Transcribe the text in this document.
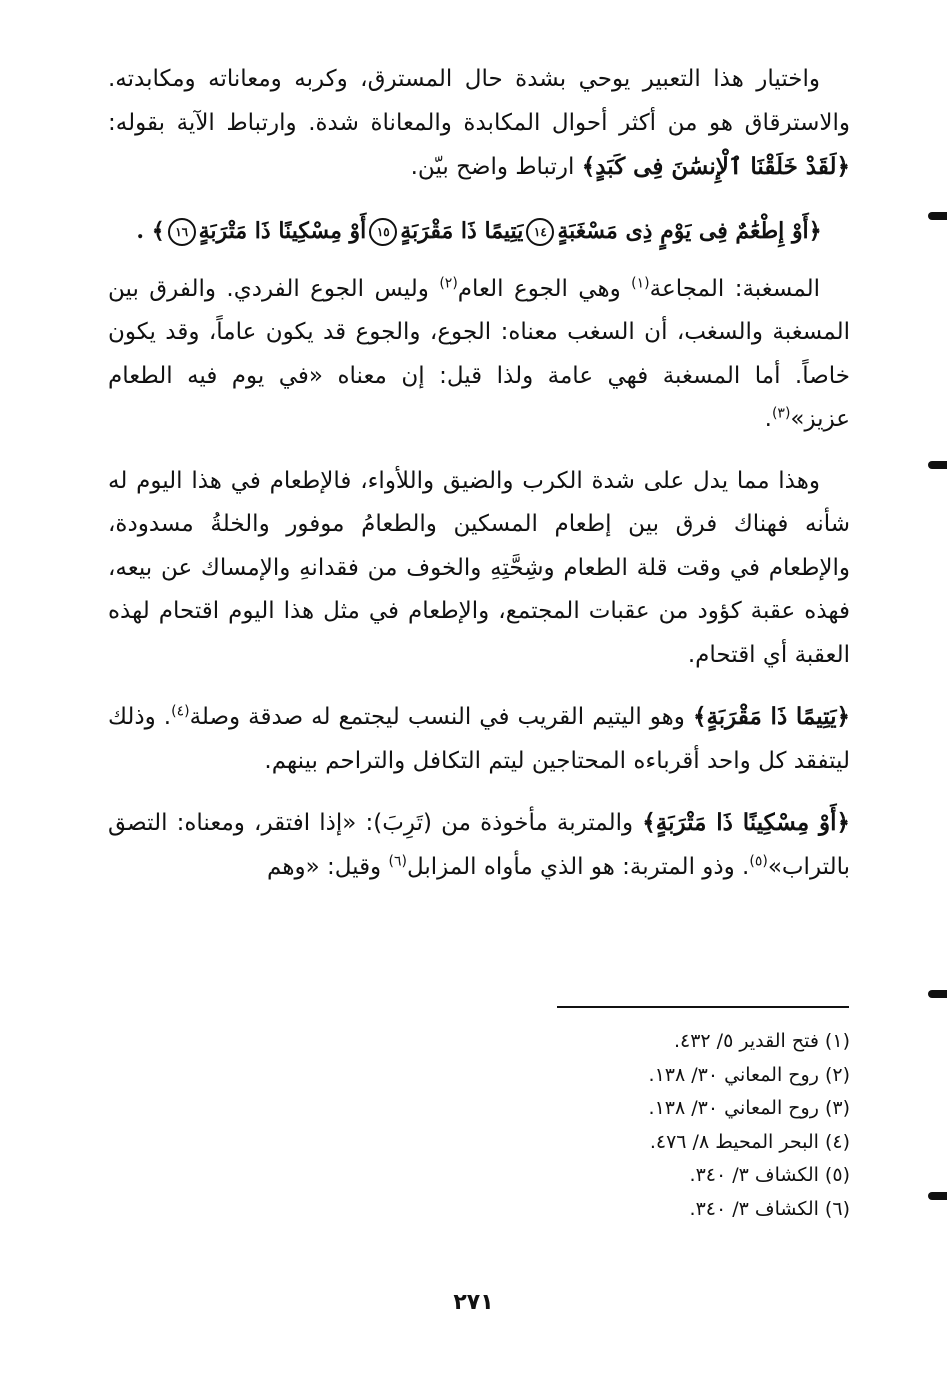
واختيار هذا التعبير يوحي بشدة حال المسترق، وكربه ومعاناته ومكابدته. والاسترقاق هو من أكثر أحوال المكابدة والمعاناة شدة. وارتباط الآية بقوله: ﴿لَقَدْ خَلَقْنَا ٱلْإِنسَٰنَ فِى كَبَدٍ﴾ ارتباط واضح بيّن.

﴿أَوْ إِطْعَٰمٌ فِى يَوْمٍ ذِى مَسْغَبَةٍ١٤يَتِيمًا ذَا مَقْرَبَةٍ١٥أَوْ مِسْكِينًا ذَا مَتْرَبَةٍ١٦﴾ .

المسغبة: المجاعة$^{(١)}$ وهي الجوع العام$^{(٢)}$ وليس الجوع الفردي. والفرق بين المسغبة والسغب، أن السغب معناه: الجوع، والجوع قد يكون عاماً، وقد يكون خاصاً. أما المسغبة فهي عامة ولذا قيل: إن معناه «في يوم فيه الطعام عزيز»$^{(٣)}$.

وهذا مما يدل على شدة الكرب والضيق واللأواء، فالإطعام في هذا اليوم له شأنه فهناك فرق بين إطعام المسكين والطعامُ موفور والخلةُ مسدودة، والإطعام في وقت قلة الطعام وشِحَّتِهِ والخوف من فقدانهِ والإمساك عن بيعه، فهذه عقبة كؤود من عقبات المجتمع، والإطعام في مثل هذا اليوم اقتحام لهذه العقبة أي اقتحام.

﴿يَتِيمًا ذَا مَقْرَبَةٍ﴾ وهو اليتيم القريب في النسب ليجتمع له صدقة وصلة$^{(٤)}$. وذلك ليتفقد كل واحد أقرباءه المحتاجين ليتم التكافل والتراحم بينهم.

﴿أَوْ مِسْكِينًا ذَا مَتْرَبَةٍ﴾ والمتربة مأخوذة من (تَرِبَ): «إذا افتقر، ومعناه: التصق بالتراب»$^{(٥)}$. وذو المتربة: هو الذي مأواه المزابل$^{(٦)}$ وقيل: «وهم

(١) فتح القدير ٥/ ٤٣٢.
(٢) روح المعاني ٣٠/ ١٣٨.
(٣) روح المعاني ٣٠/ ١٣٨.
(٤) البحر المحيط ٨/ ٤٧٦.
(٥) الكشاف ٣/ ٣٤٠.
(٦) الكشاف ٣/ ٣٤٠.
٢٧١
